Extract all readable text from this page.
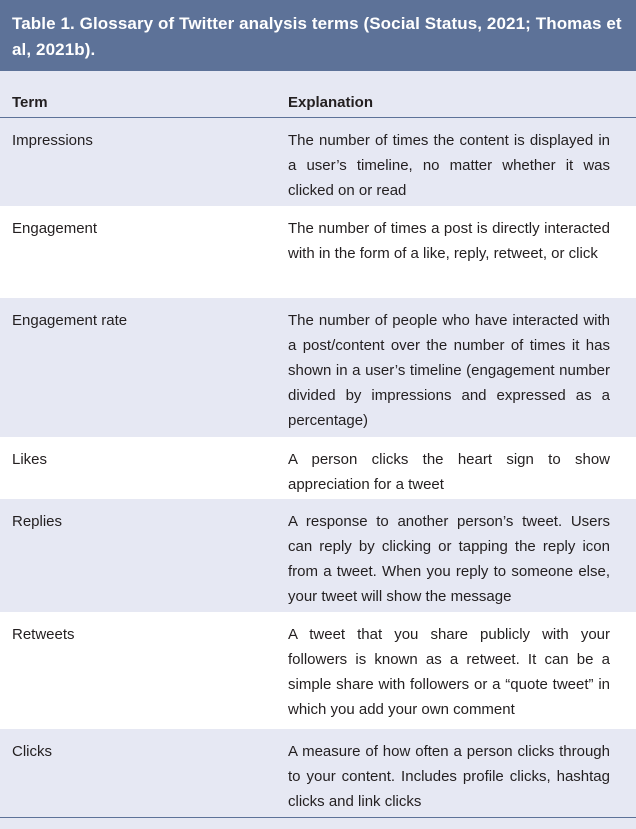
Table 1. Glossary of Twitter analysis terms (Social Status, 2021; Thomas et al, 2021b).
Term	Explanation
Impressions	The number of times the content is displayed in a user’s timeline, no matter whether it was clicked on or read
Engagement	The number of times a post is directly interacted with in the form of a like, reply, retweet, or click
Engagement rate	The number of people who have interacted with a post/content over the number of times it has shown in a user’s timeline (engagement number divided by impressions and expressed as a percentage)
Likes	A person clicks the heart sign to show appreciation for a tweet
Replies	A response to another person’s tweet. Users can reply by clicking or tapping the reply icon from a tweet. When you reply to someone else, your tweet will show the message
Retweets	A tweet that you share publicly with your followers is known as a retweet. It can be a simple share with followers or a “quote tweet” in which you add your own comment
Clicks	A measure of how often a person clicks through to your content. Includes profile clicks, hashtag clicks and link clicks
